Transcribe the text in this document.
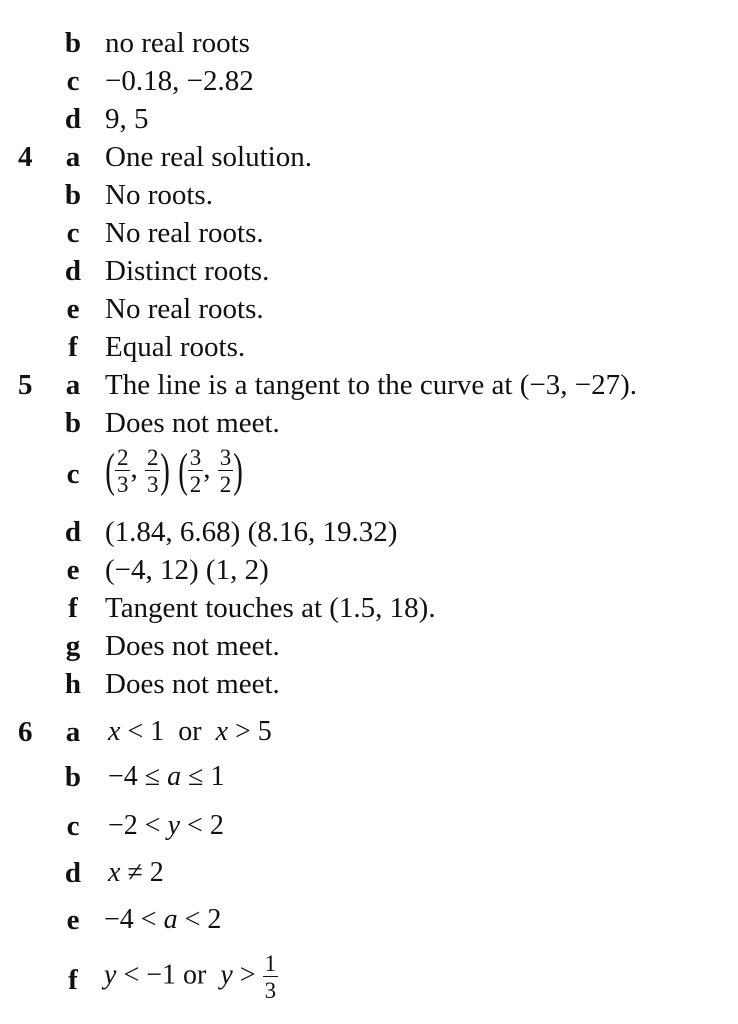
b no real roots
c −0.18, −2.82
d 9, 5
4 a One real solution.
b No roots.
c No real roots.
d Distinct roots.
e No real roots.
f Equal roots.
5 a The line is a tangent to the curve at (−3, −27).
b Does not meet.
c ( $\frac{2}{3}$ , $\frac{2}{3}$ ) ( $\frac{3}{2}$ , $\frac{3}{2}$ )
d (1.84, 6.68) (8.16, 19.32)
e (−4, 12) (1, 2)
f Tangent touches at (1.5, 18).
g Does not meet.
h Does not meet.
6 a x < 1 or x > 5
b −4 ≤ a ≤ 1
c −2 < y < 2
d x ≠ 2
e −4 < a < 2
f y < −1 or $y > \frac{1}{3}$
